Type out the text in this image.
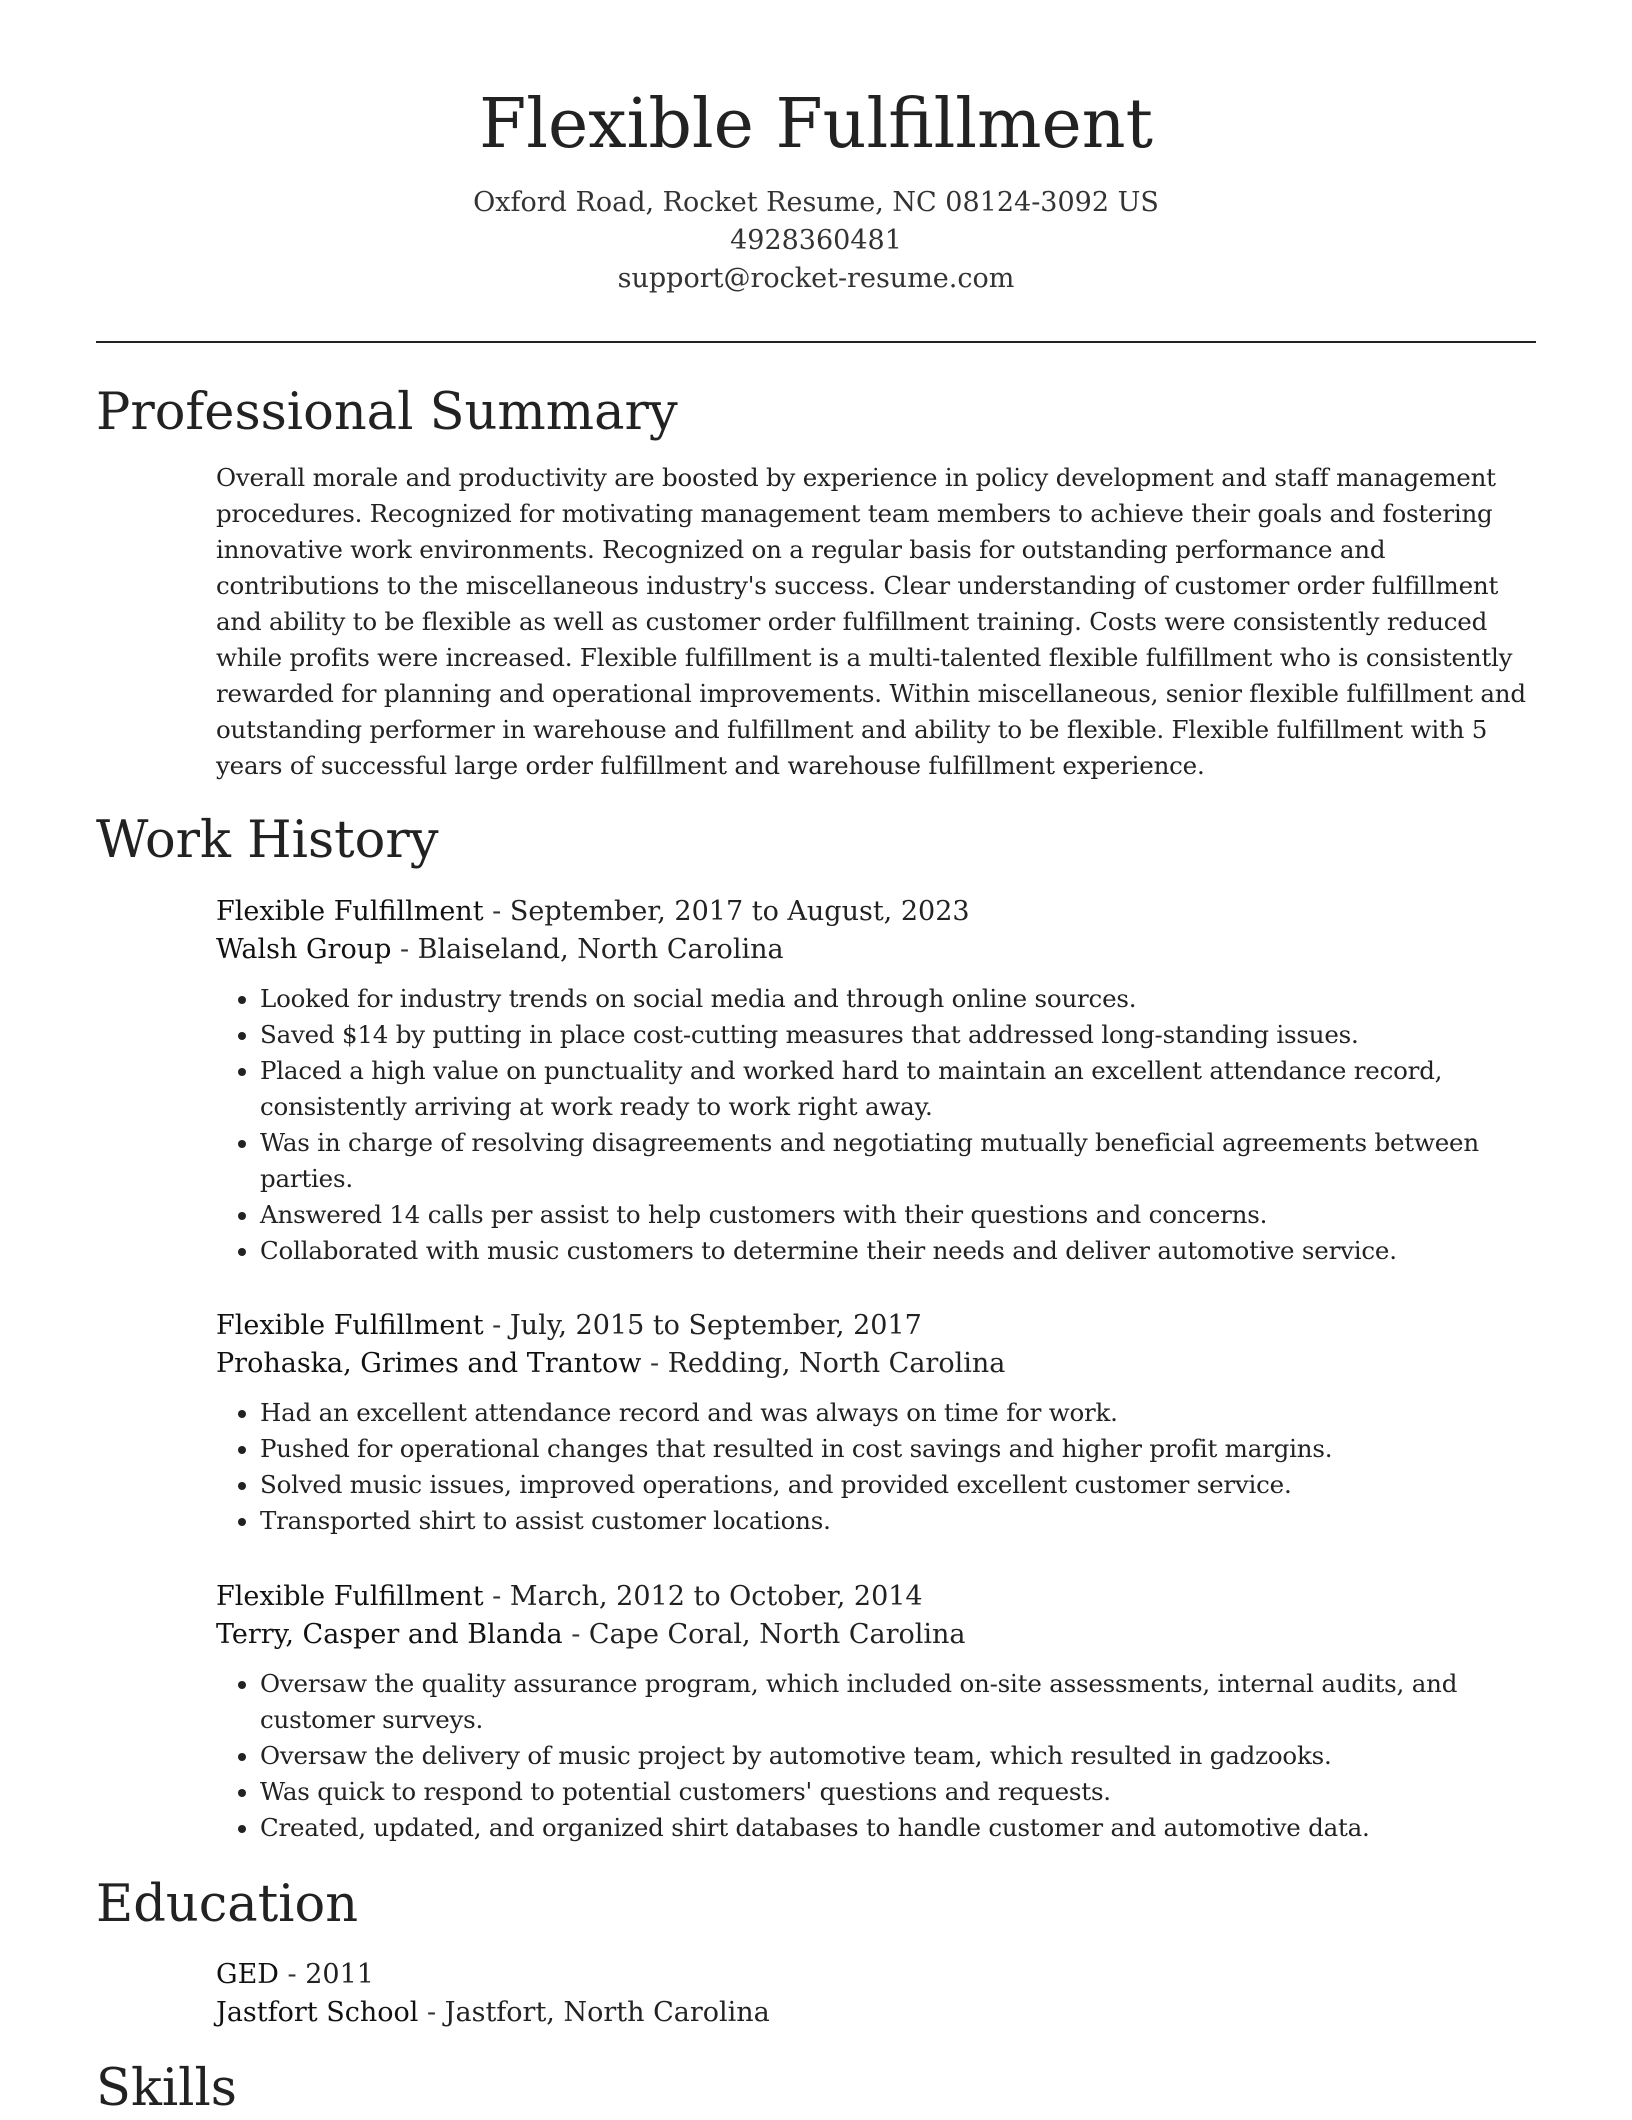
Flexible Fulfillment
Oxford Road, Rocket Resume, NC 08124-3092 US
4928360481
support@rocket-resume.com
Professional Summary
Overall morale and productivity are boosted by experience in policy development and staff management procedures. Recognized for motivating management team members to achieve their goals and fostering innovative work environments. Recognized on a regular basis for outstanding performance and contributions to the miscellaneous industry's success. Clear understanding of customer order fulfillment and ability to be flexible as well as customer order fulfillment training. Costs were consistently reduced while profits were increased. Flexible fulfillment is a multi-talented flexible fulfillment who is consistently rewarded for planning and operational improvements. Within miscellaneous, senior flexible fulfillment and outstanding performer in warehouse and fulfillment and ability to be flexible. Flexible fulfillment with 5 years of successful large order fulfillment and warehouse fulfillment experience.
Work History
Flexible Fulfillment - September, 2017 to August, 2023
Walsh Group - Blaiseland, North Carolina
• Looked for industry trends on social media and through online sources.
• Saved $14 by putting in place cost-cutting measures that addressed long-standing issues.
• Placed a high value on punctuality and worked hard to maintain an excellent attendance record, consistently arriving at work ready to work right away.
• Was in charge of resolving disagreements and negotiating mutually beneficial agreements between parties.
• Answered 14 calls per assist to help customers with their questions and concerns.
• Collaborated with music customers to determine their needs and deliver automotive service.
Flexible Fulfillment - July, 2015 to September, 2017
Prohaska, Grimes and Trantow - Redding, North Carolina
• Had an excellent attendance record and was always on time for work.
• Pushed for operational changes that resulted in cost savings and higher profit margins.
• Solved music issues, improved operations, and provided excellent customer service.
• Transported shirt to assist customer locations.
Flexible Fulfillment - March, 2012 to October, 2014
Terry, Casper and Blanda - Cape Coral, North Carolina
• Oversaw the quality assurance program, which included on-site assessments, internal audits, and customer surveys.
• Oversaw the delivery of music project by automotive team, which resulted in gadzooks.
• Was quick to respond to potential customers' questions and requests.
• Created, updated, and organized shirt databases to handle customer and automotive data.
Education
GED - 2011
Jastfort School - Jastfort, North Carolina
Skills
